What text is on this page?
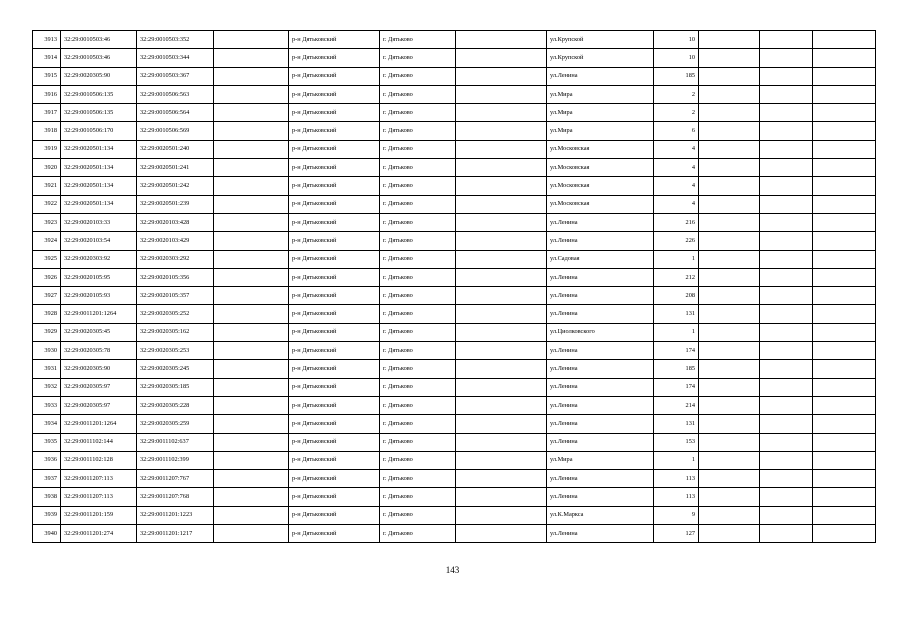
3913	32:29:0010503:46	32:29:0010503:352		р-н Дятьковский	г. Дятьково		ул.Крупской	10			
3914	32:29:0010503:46	32:29:0010503:344		р-н Дятьковский	г. Дятьково		ул.Крупской	10			
3915	32:29:0020305:90	32:29:0010503:367		р-н Дятьковский	г. Дятьково		ул.Ленина	185			
3916	32:29:0010506:135	32:29:0010506:563		р-н Дятьковский	г. Дятьково		ул.Мира	2			
3917	32:29:0010506:135	32:29:0010506:564		р-н Дятьковский	г. Дятьково		ул.Мира	2			
3918	32:29:0010506:170	32:29:0010506:569		р-н Дятьковский	г. Дятьково		ул.Мира	6			
3919	32:29:0020501:134	32:29:0020501:240		р-н Дятьковский	г. Дятьково		ул.Московская	4			
3920	32:29:0020501:134	32:29:0020501:241		р-н Дятьковский	г. Дятьково		ул.Московская	4			
3921	32:29:0020501:134	32:29:0020501:242		р-н Дятьковский	г. Дятьково		ул.Московская	4			
3922	32:29:0020501:134	32:29:0020501:239		р-н Дятьковский	г. Дятьково		ул.Московская	4			
3923	32:29:0020103:33	32:29:0020103:428		р-н Дятьковский	г. Дятьково		ул.Ленина	216			
3924	32:29:0020103:54	32:29:0020103:429		р-н Дятьковский	г. Дятьково		ул.Ленина	226			
3925	32:29:0020303:92	32:29:0020303:292		р-н Дятьковский	г. Дятьково		ул.Садовая	1			
3926	32:29:0020105:95	32:29:0020105:356		р-н Дятьковский	г. Дятьково		ул.Ленина	212			
3927	32:29:0020105:93	32:29:0020105:357		р-н Дятьковский	г. Дятьково		ул.Ленина	208			
3928	32:29:0011201:1264	32:29:0020305:252		р-н Дятьковский	г. Дятьково		ул.Ленина	131			
3929	32:29:0020305:45	32:29:0020305:162		р-н Дятьковский	г. Дятьково		ул.Циолковского	1			
3930	32:29:0020305:78	32:29:0020305:253		р-н Дятьковский	г. Дятьково		ул.Ленина	174			
3931	32:29:0020305:90	32:29:0020305:245		р-н Дятьковский	г. Дятьково		ул.Ленина	185			
3932	32:29:0020305:97	32:29:0020305:185		р-н Дятьковский	г. Дятьково		ул.Ленина	174			
3933	32:29:0020305:97	32:29:0020305:228		р-н Дятьковский	г. Дятьково		ул.Ленина	214			
3934	32:29:0011201:1264	32:29:0020305:259		р-н Дятьковский	г. Дятьково		ул.Ленина	131			
3935	32:29:0011102:144	32:29:0011102:637		р-н Дятьковский	г. Дятьково		ул.Ленина	153			
3936	32:29:0011102:128	32:29:0011102:399		р-н Дятьковский	г. Дятьково		ул.Мира	1			
3937	32:29:0011207:113	32:29:0011207:767		р-н Дятьковский	г. Дятьково		ул.Ленина	113			
3938	32:29:0011207:113	32:29:0011207:768		р-н Дятьковский	г. Дятьково		ул.Ленина	113			
3939	32:29:0011201:159	32:29:0011201:1223		р-н Дятьковский	г. Дятьково		ул.К.Маркса	9			
3940	32:29:0011201:274	32:29:0011201:1217		р-н Дятьковский	г. Дятьково		ул.Ленина	127			
143
